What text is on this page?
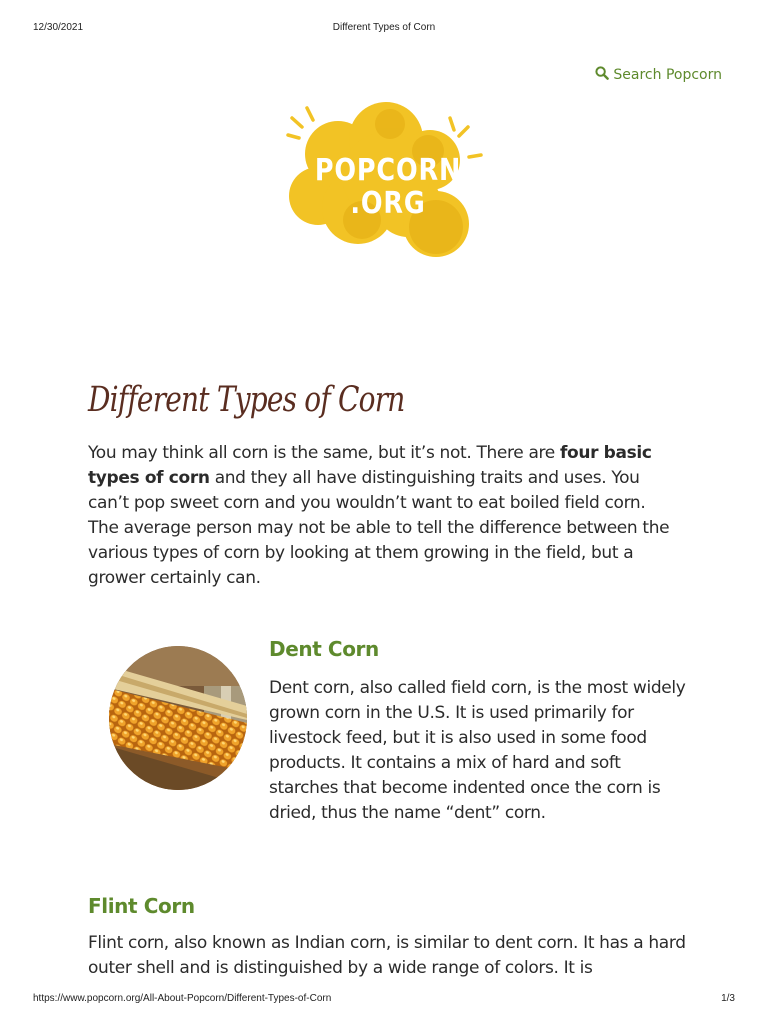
12/30/2021	Different Types of Corn
Search Popcorn
POPCORN
.ORG
Different Types of Corn

You may think all corn is the same, but it’s not. There are four basic types of corn and they all have distinguishing traits and uses. You can’t pop sweet corn and you wouldn’t want to eat boiled field corn. The average person may not be able to tell the difference between the various types of corn by looking at them growing in the field, but a grower certainly can.

Dent Corn

Dent corn, also called field corn, is the most widely grown corn in the U.S. It is used primarily for livestock feed, but it is also used in some food products. It contains a mix of hard and soft starches that become indented once the corn is dried, thus the name “dent” corn.

Flint Corn

Flint corn, also known as Indian corn, is similar to dent corn. It has a hard outer shell and is distinguished by a wide range of colors. It is

https://www.popcorn.org/All-About-Popcorn/Different-Types-of-Corn	1/3
